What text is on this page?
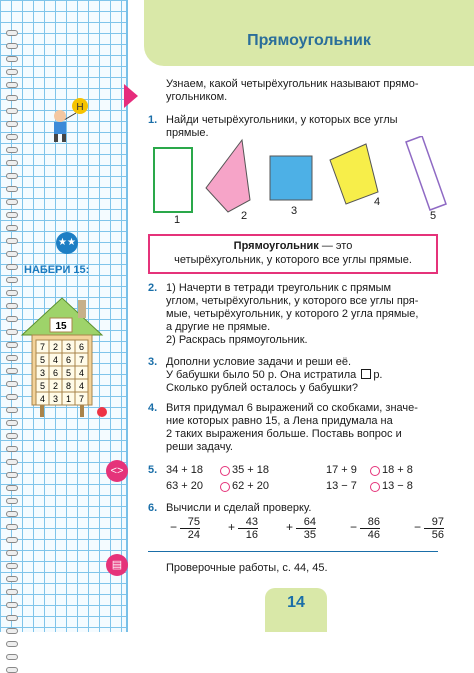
Н
★★
НАБЕРИ 15:
15
7 2 3 6
5 4 6 7
3 6 5 4
5 2 8 4
4 3 1 7
<>
▤
Прямоугольник
Узнаем, какой четырёхугольник называют прямо-
угольником.
1. Найди четырёхугольники, у которых все углы
прямые.
1	2	3
4
5
Прямоугольник — это
четырёхугольник, у которого все углы прямые.
2. 1) Начерти в тетради треугольник с прямым
углом, четырёхугольник, у которого все углы пря-
мые, четырёхугольник, у которого 2 угла прямые,
а другие не прямые.
2) Раскрась прямоугольник.
3. Дополни условие задачи и реши её.
У бабушки было 50 р. Она истратила р.
Сколько рублей осталось у бабушки?
4. Витя придумал 6 выражений со скобками, значе-
ние которых равно 15, а Лена придумала на
2 таких выражения больше. Поставь вопрос и
реши задачу.
5. 34 + 18	35 + 18	17 + 9 18 + 8
63 + 20	62 + 20	13 − 7 13 − 8
6. Вычисли и сделай проверку.
− $\frac{75}{24} + \frac{43}{16} + \frac{64}{35}$	− $\frac{86}{46}$	− $\frac{97}{56}$
Проверочные работы, с. 44, 45.
14
